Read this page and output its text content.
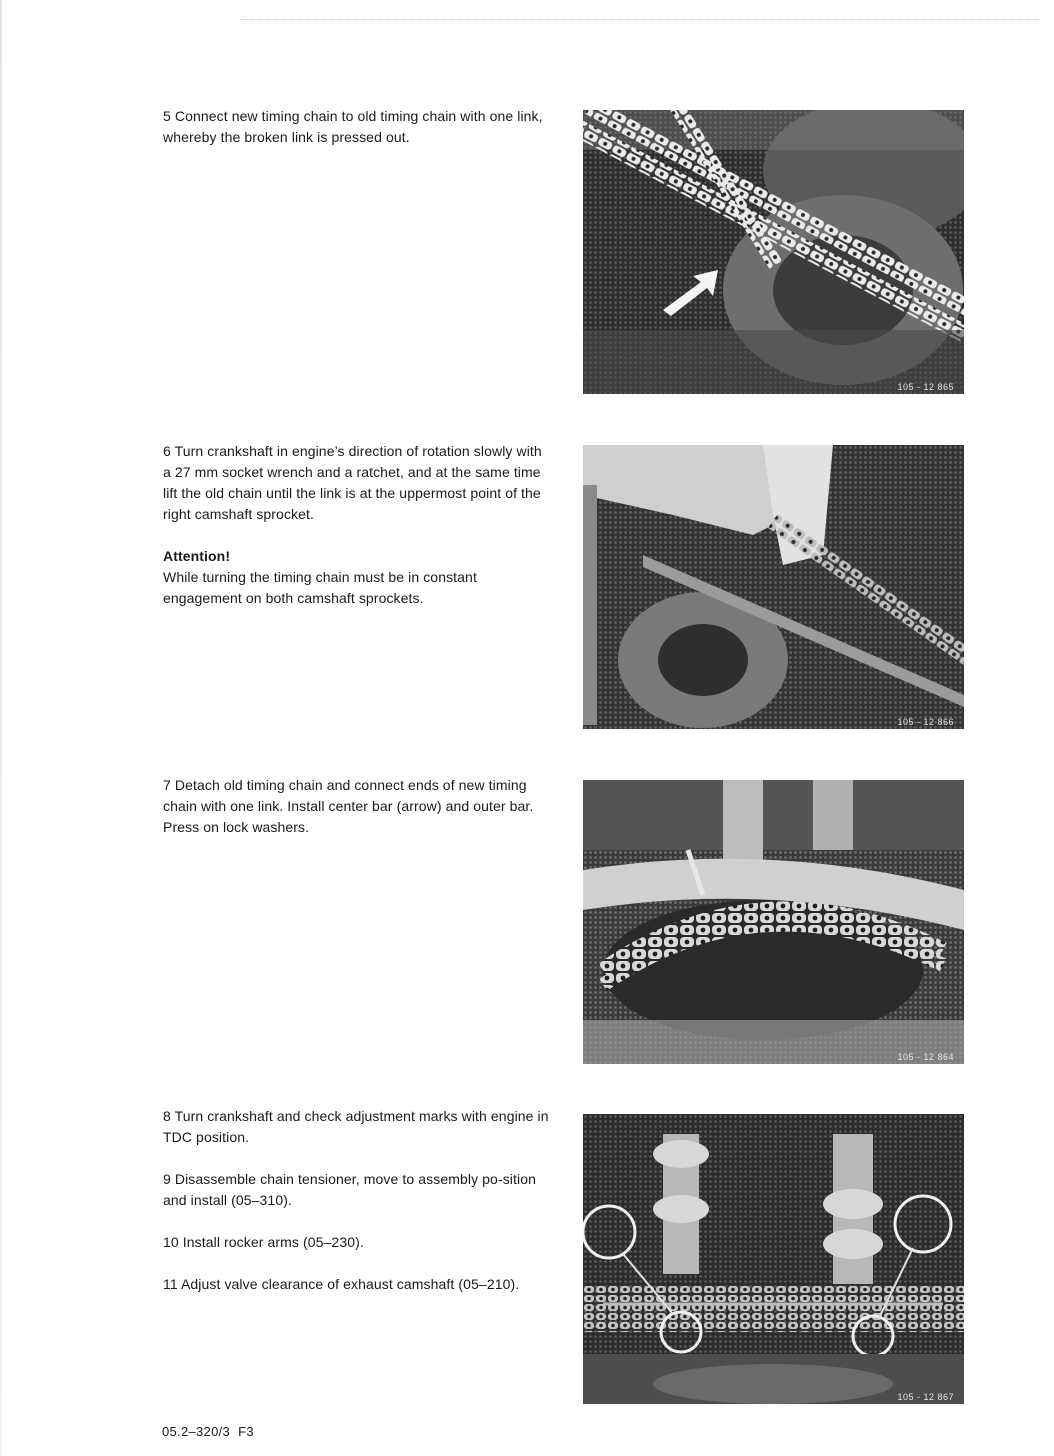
5 Connect new timing chain to old timing chain with one link, whereby the broken link is pressed out.

105 - 12 865

6 Turn crankshaft in engine’s direction of rotation slowly with a 27 mm socket wrench and a ratchet, and at the same time lift the old chain until the link is at the uppermost point of the right camshaft sprocket.

Attention!

While turning the timing chain must be in constant engagement on both camshaft sprockets.

105 - 12 866

7 Detach old timing chain and connect ends of new timing chain with one link. Install center bar (arrow) and outer bar. Press on lock washers.

105 - 12 864

8 Turn crankshaft and check adjustment marks with engine in TDC position.

9 Disassemble chain tensioner, move to assembly po-sition and install (05–310).

10 Install rocker arms (05–230).

11 Adjust valve clearance of exhaust camshaft (05–210).

105 - 12 867
05.2–320/3 F3
